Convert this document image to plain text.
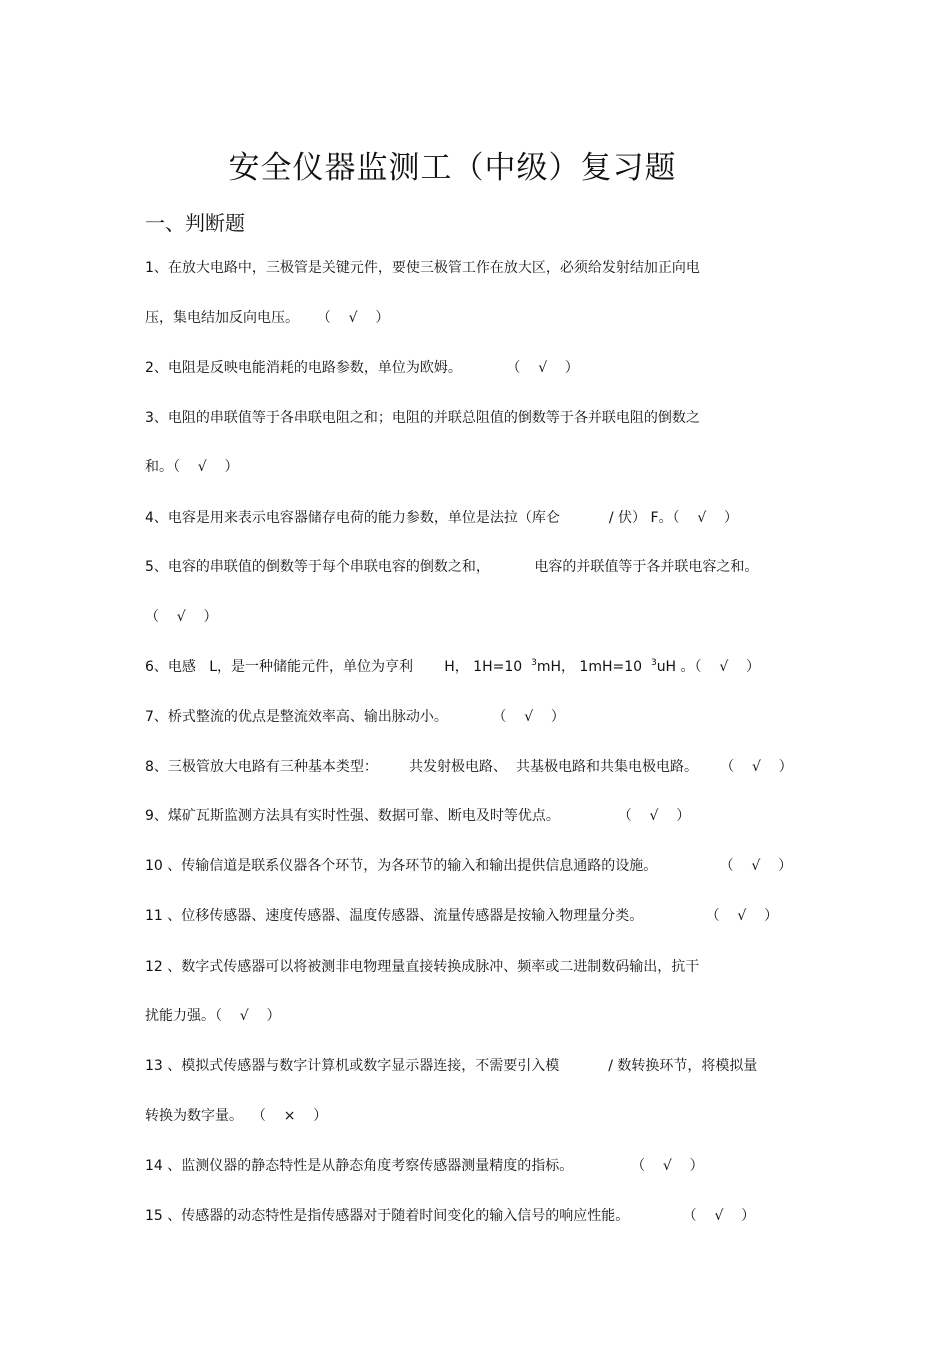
安全仪器监测工（中级）复习题
一、判断题

1、在放大电路中，三极管是关键元件，要使三极管工作在放大区，必须给发射结加正向电

压，集电结加反向电压。    （    √    ）

2、电阻是反映电能消耗的电路参数，单位为欧姆。          （    √    ）

3、电阻的串联值等于各串联电阻之和；电阻的并联总阻值的倒数等于各并联电阻的倒数之

和。（    √    ）

4、电容是用来表示电容器储存电荷的能力参数，单位是法拉（库仑           / 伏） F。（    √    ）

5、电容的串联值的倒数等于每个串联电容的倒数之和，          电容的并联值等于各并联电容之和。

（    √    ）

6、电感   L，是一种储能元件，单位为亨利       H， 1H=10  $^3$mH， 1mH=10  $^3$uH 。（    √    ）

7、桥式整流的优点是整流效率高、输出脉动小。          （    √    ）

8、三极管放大电路有三种基本类型：       共发射极电路、  共基极电路和共集电极电路。     （    √    ）

9、煤矿瓦斯监测方法具有实时性强、数据可靠、断电及时等优点。             （    √    ）

10 、传输信道是联系仪器各个环节，为各环节的输入和输出提供信息通路的设施。              （    √    ）

11 、位移传感器、速度传感器、温度传感器、流量传感器是按输入物理量分类。              （    √    ）

12 、数字式传感器可以将被测非电物理量直接转换成脉冲、频率或二进制数码输出，抗干

扰能力强。（    √    ）

13 、模拟式传感器与数字计算机或数字显示器连接，不需要引入模           / 数转换环节，将模拟量

转换为数字量。  （    ×    ）

14 、监测仪器的静态特性是从静态角度考察传感器测量精度的指标。             （    √    ）

15 、传感器的动态特性是指传感器对于随着时间变化的输入信号的响应性能。            （    √    ）
